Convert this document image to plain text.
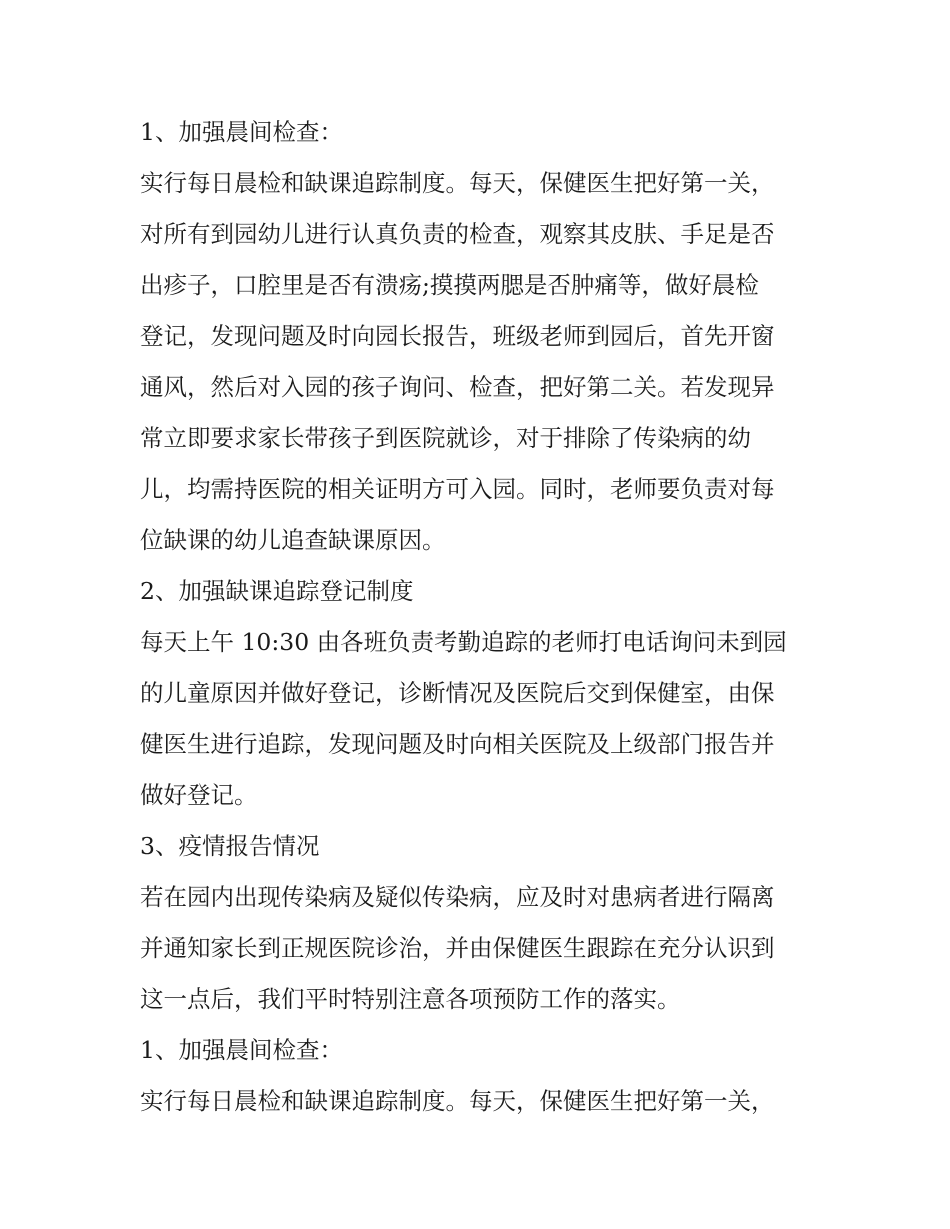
1、加强晨间检查：

实行每日晨检和缺课追踪制度。每天，保健医生把好第一关，

对所有到园幼儿进行认真负责的检查，观察其皮肤、手足是否

出疹子，口腔里是否有溃疡;摸摸两腮是否肿痛等，做好晨检

登记，发现问题及时向园长报告，班级老师到园后，首先开窗

通风，然后对入园的孩子询问、检查，把好第二关。若发现异

常立即要求家长带孩子到医院就诊，对于排除了传染病的幼

儿，均需持医院的相关证明方可入园。同时，老师要负责对每

位缺课的幼儿追查缺课原因。

2、加强缺课追踪登记制度

每天上午 10:30 由各班负责考勤追踪的老师打电话询问未到园

的儿童原因并做好登记，诊断情况及医院后交到保健室，由保

健医生进行追踪，发现问题及时向相关医院及上级部门报告并

做好登记。

3、疫情报告情况

若在园内出现传染病及疑似传染病，应及时对患病者进行隔离

并通知家长到正规医院诊治，并由保健医生跟踪在充分认识到

这一点后，我们平时特别注意各项预防工作的落实。

1、加强晨间检查：

实行每日晨检和缺课追踪制度。每天，保健医生把好第一关，
